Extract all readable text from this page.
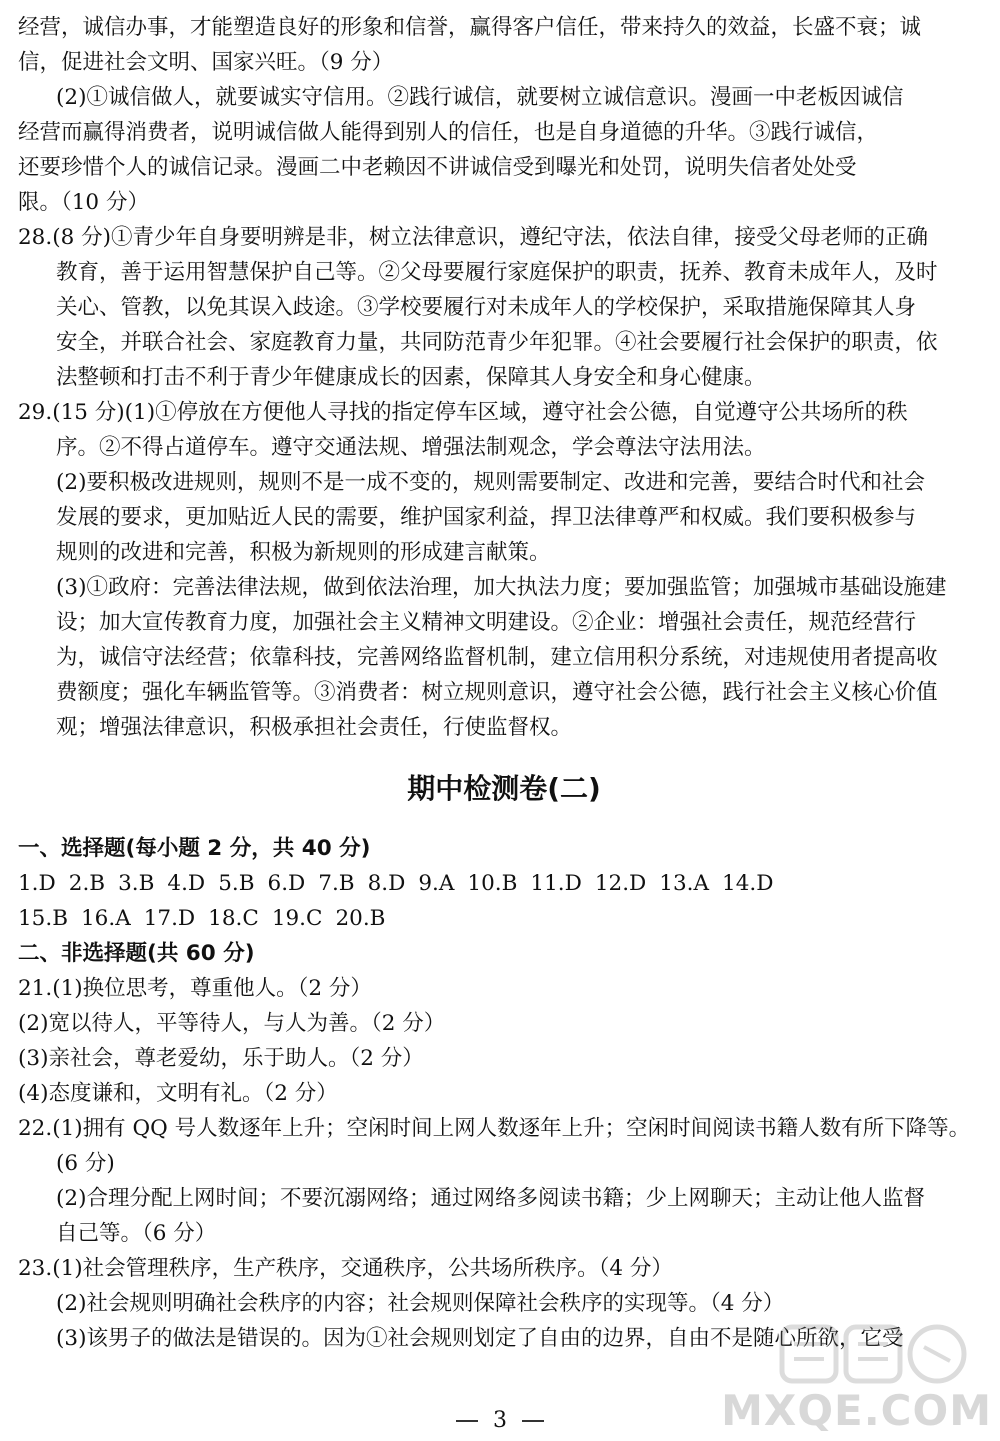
经营，诚信办事，才能塑造良好的形象和信誉，赢得客户信任，带来持久的效益，长盛不衰；诚
信，促进社会文明、国家兴旺。（9 分）
(2)①诚信做人，就要诚实守信用。②践行诚信，就要树立诚信意识。漫画一中老板因诚信
经营而赢得消费者，说明诚信做人能得到别人的信任，也是自身道德的升华。③践行诚信，
还要珍惜个人的诚信记录。漫画二中老赖因不讲诚信受到曝光和处罚，说明失信者处处受
限。（10 分）
28.(8 分)①青少年自身要明辨是非，树立法律意识，遵纪守法，依法自律，接受父母老师的正确
教育，善于运用智慧保护自己等。②父母要履行家庭保护的职责，抚养、教育未成年人，及时
关心、管教，以免其误入歧途。③学校要履行对未成年人的学校保护，采取措施保障其人身
安全，并联合社会、家庭教育力量，共同防范青少年犯罪。④社会要履行社会保护的职责，依
法整顿和打击不利于青少年健康成长的因素，保障其人身安全和身心健康。
29.(15 分)(1)①停放在方便他人寻找的指定停车区域，遵守社会公德，自觉遵守公共场所的秩
序。②不得占道停车。遵守交通法规、增强法制观念，学会尊法守法用法。
(2)要积极改进规则，规则不是一成不变的，规则需要制定、改进和完善，要结合时代和社会
发展的要求，更加贴近人民的需要，维护国家利益，捍卫法律尊严和权威。我们要积极参与
规则的改进和完善，积极为新规则的形成建言献策。
(3)①政府：完善法律法规，做到依法治理，加大执法力度；要加强监管；加强城市基础设施建
设；加大宣传教育力度，加强社会主义精神文明建设。②企业：增强社会责任，规范经营行
为，诚信守法经营；依靠科技，完善网络监督机制，建立信用积分系统，对违规使用者提高收
费额度；强化车辆监管等。③消费者：树立规则意识，遵守社会公德，践行社会主义核心价值
观；增强法律意识，积极承担社会责任，行使监督权。
期中检测卷(二)
一、选择题(每小题 2 分，共 40 分)
1.D 2.B 3.B 4.D 5.B 6.D 7.B 8.D 9.A 10.B 11.D 12.D 13.A 14.D
15.B 16.A 17.D 18.C 19.C 20.B
二、非选择题(共 60 分)
21.(1)换位思考，尊重他人。（2 分）
(2)宽以待人，平等待人，与人为善。（2 分）
(3)亲社会，尊老爱幼，乐于助人。（2 分）
(4)态度谦和，文明有礼。（2 分）
22.(1)拥有 QQ 号人数逐年上升；空闲时间上网人数逐年上升；空闲时间阅读书籍人数有所下降等。
(6 分)
(2)合理分配上网时间；不要沉溺网络；通过网络多阅读书籍；少上网聊天；主动让他人监督
自己等。（6 分）
23.(1)社会管理秩序，生产秩序，交通秩序，公共场所秩序。（4 分）
(2)社会规则明确社会秩序的内容；社会规则保障社会秩序的实现等。（4 分）
(3)该男子的做法是错误的。因为①社会规则划定了自由的边界，自由不是随心所欲，它受
3	MXQE.COM
